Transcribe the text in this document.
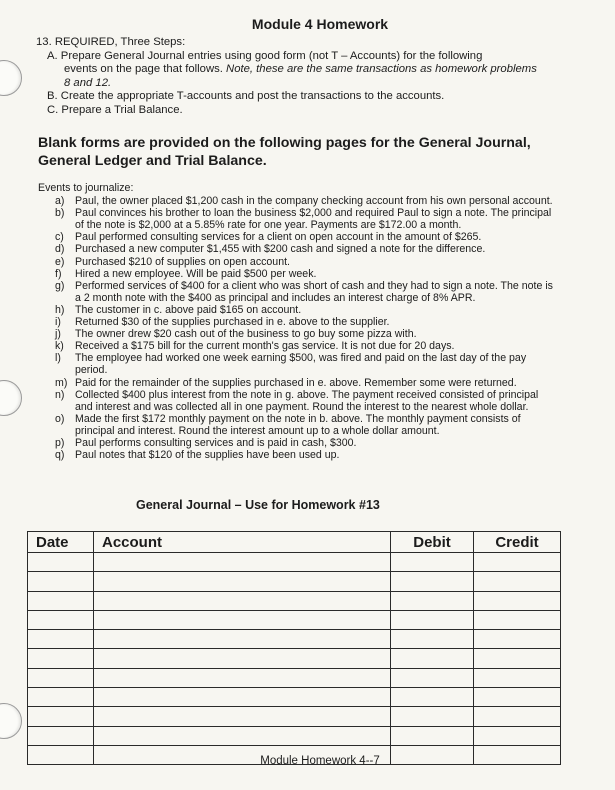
Module 4 Homework
13. REQUIRED, Three Steps:
A. Prepare General Journal entries using good form (not T – Accounts) for the following
events on the page that follows. Note, these are the same transactions as homework problems
8 and 12.
B. Create the appropriate T-accounts and post the transactions to the accounts.
C. Prepare a Trial Balance.
Blank forms are provided on the following pages for the General Journal,
General Ledger and Trial Balance.
Events to journalize:
a) Paul, the owner placed $1,200 cash in the company checking account from his own personal account.
b) Paul convinces his brother to loan the business $2,000 and required Paul to sign a note. The principal
of the note is $2,000 at a 5.85% rate for one year. Payments are $172.00 a month.
c) Paul performed consulting services for a client on open account in the amount of $265.
d) Purchased a new computer $1,455 with $200 cash and signed a note for the difference.
e) Purchased $210 of supplies on open account.
f) Hired a new employee. Will be paid $500 per week.
g) Performed services of $400 for a client who was short of cash and they had to sign a note. The note is
a 2 month note with the $400 as principal and includes an interest charge of 8% APR.
h) The customer in c. above paid $165 on account.
i) Returned $30 of the supplies purchased in e. above to the supplier.
j) The owner drew $20 cash out of the business to go buy some pizza with.
k) Received a $175 bill for the current month's gas service. It is not due for 20 days.
l) The employee had worked one week earning $500, was fired and paid on the last day of the pay
period.
m) Paid for the remainder of the supplies purchased in e. above. Remember some were returned.
n) Collected $400 plus interest from the note in g. above. The payment received consisted of principal
and interest and was collected all in one payment. Round the interest to the nearest whole dollar.
o) Made the first $172 monthly payment on the note in b. above. The monthly payment consists of
principal and interest. Round the interest amount up to a whole dollar amount.
p) Paul performs consulting services and is paid in cash, $300.
q) Paul notes that $120 of the supplies have been used up.
General Journal – Use for Homework #13
Date	Account	Debit	Credit

Module Homework 4--7
